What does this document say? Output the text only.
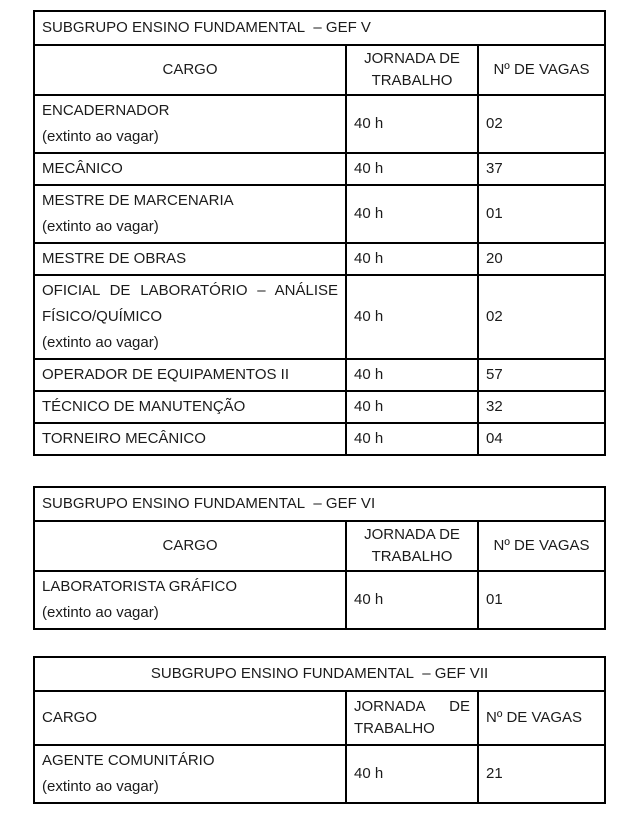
SUBGRUPO ENSINO FUNDAMENTAL  – GEF V		
CARGO	JORNADA DE TRABALHO	Nº DE VAGAS

ENCADERNADOR
(extinto ao vagar)	40 h	02

MECÂNICO	40 h	37

MESTRE DE MARCENARIA
(extinto ao vagar)	40 h	01

MESTRE DE OBRAS	40 h	20

OFICIAL DE LABORATÓRIO – ANÁLISE FÍSICO/QUÍMICO
(extinto ao vagar)	40 h	02

OPERADOR DE EQUIPAMENTOS II	40 h	57

TÉCNICO DE MANUTENÇÃO	40 h	32

TORNEIRO MECÂNICO	40 h	04
SUBGRUPO ENSINO FUNDAMENTAL  – GEF VI		
CARGO	JORNADA DE TRABALHO	Nº DE VAGAS

LABORATORISTA GRÁFICO
(extinto ao vagar)	40 h	01
SUBGRUPO ENSINO FUNDAMENTAL  – GEF VII		
CARGO	JORNADA DE TRABALHO	Nº DE VAGAS

AGENTE COMUNITÁRIO
(extinto ao vagar)	40 h	21
